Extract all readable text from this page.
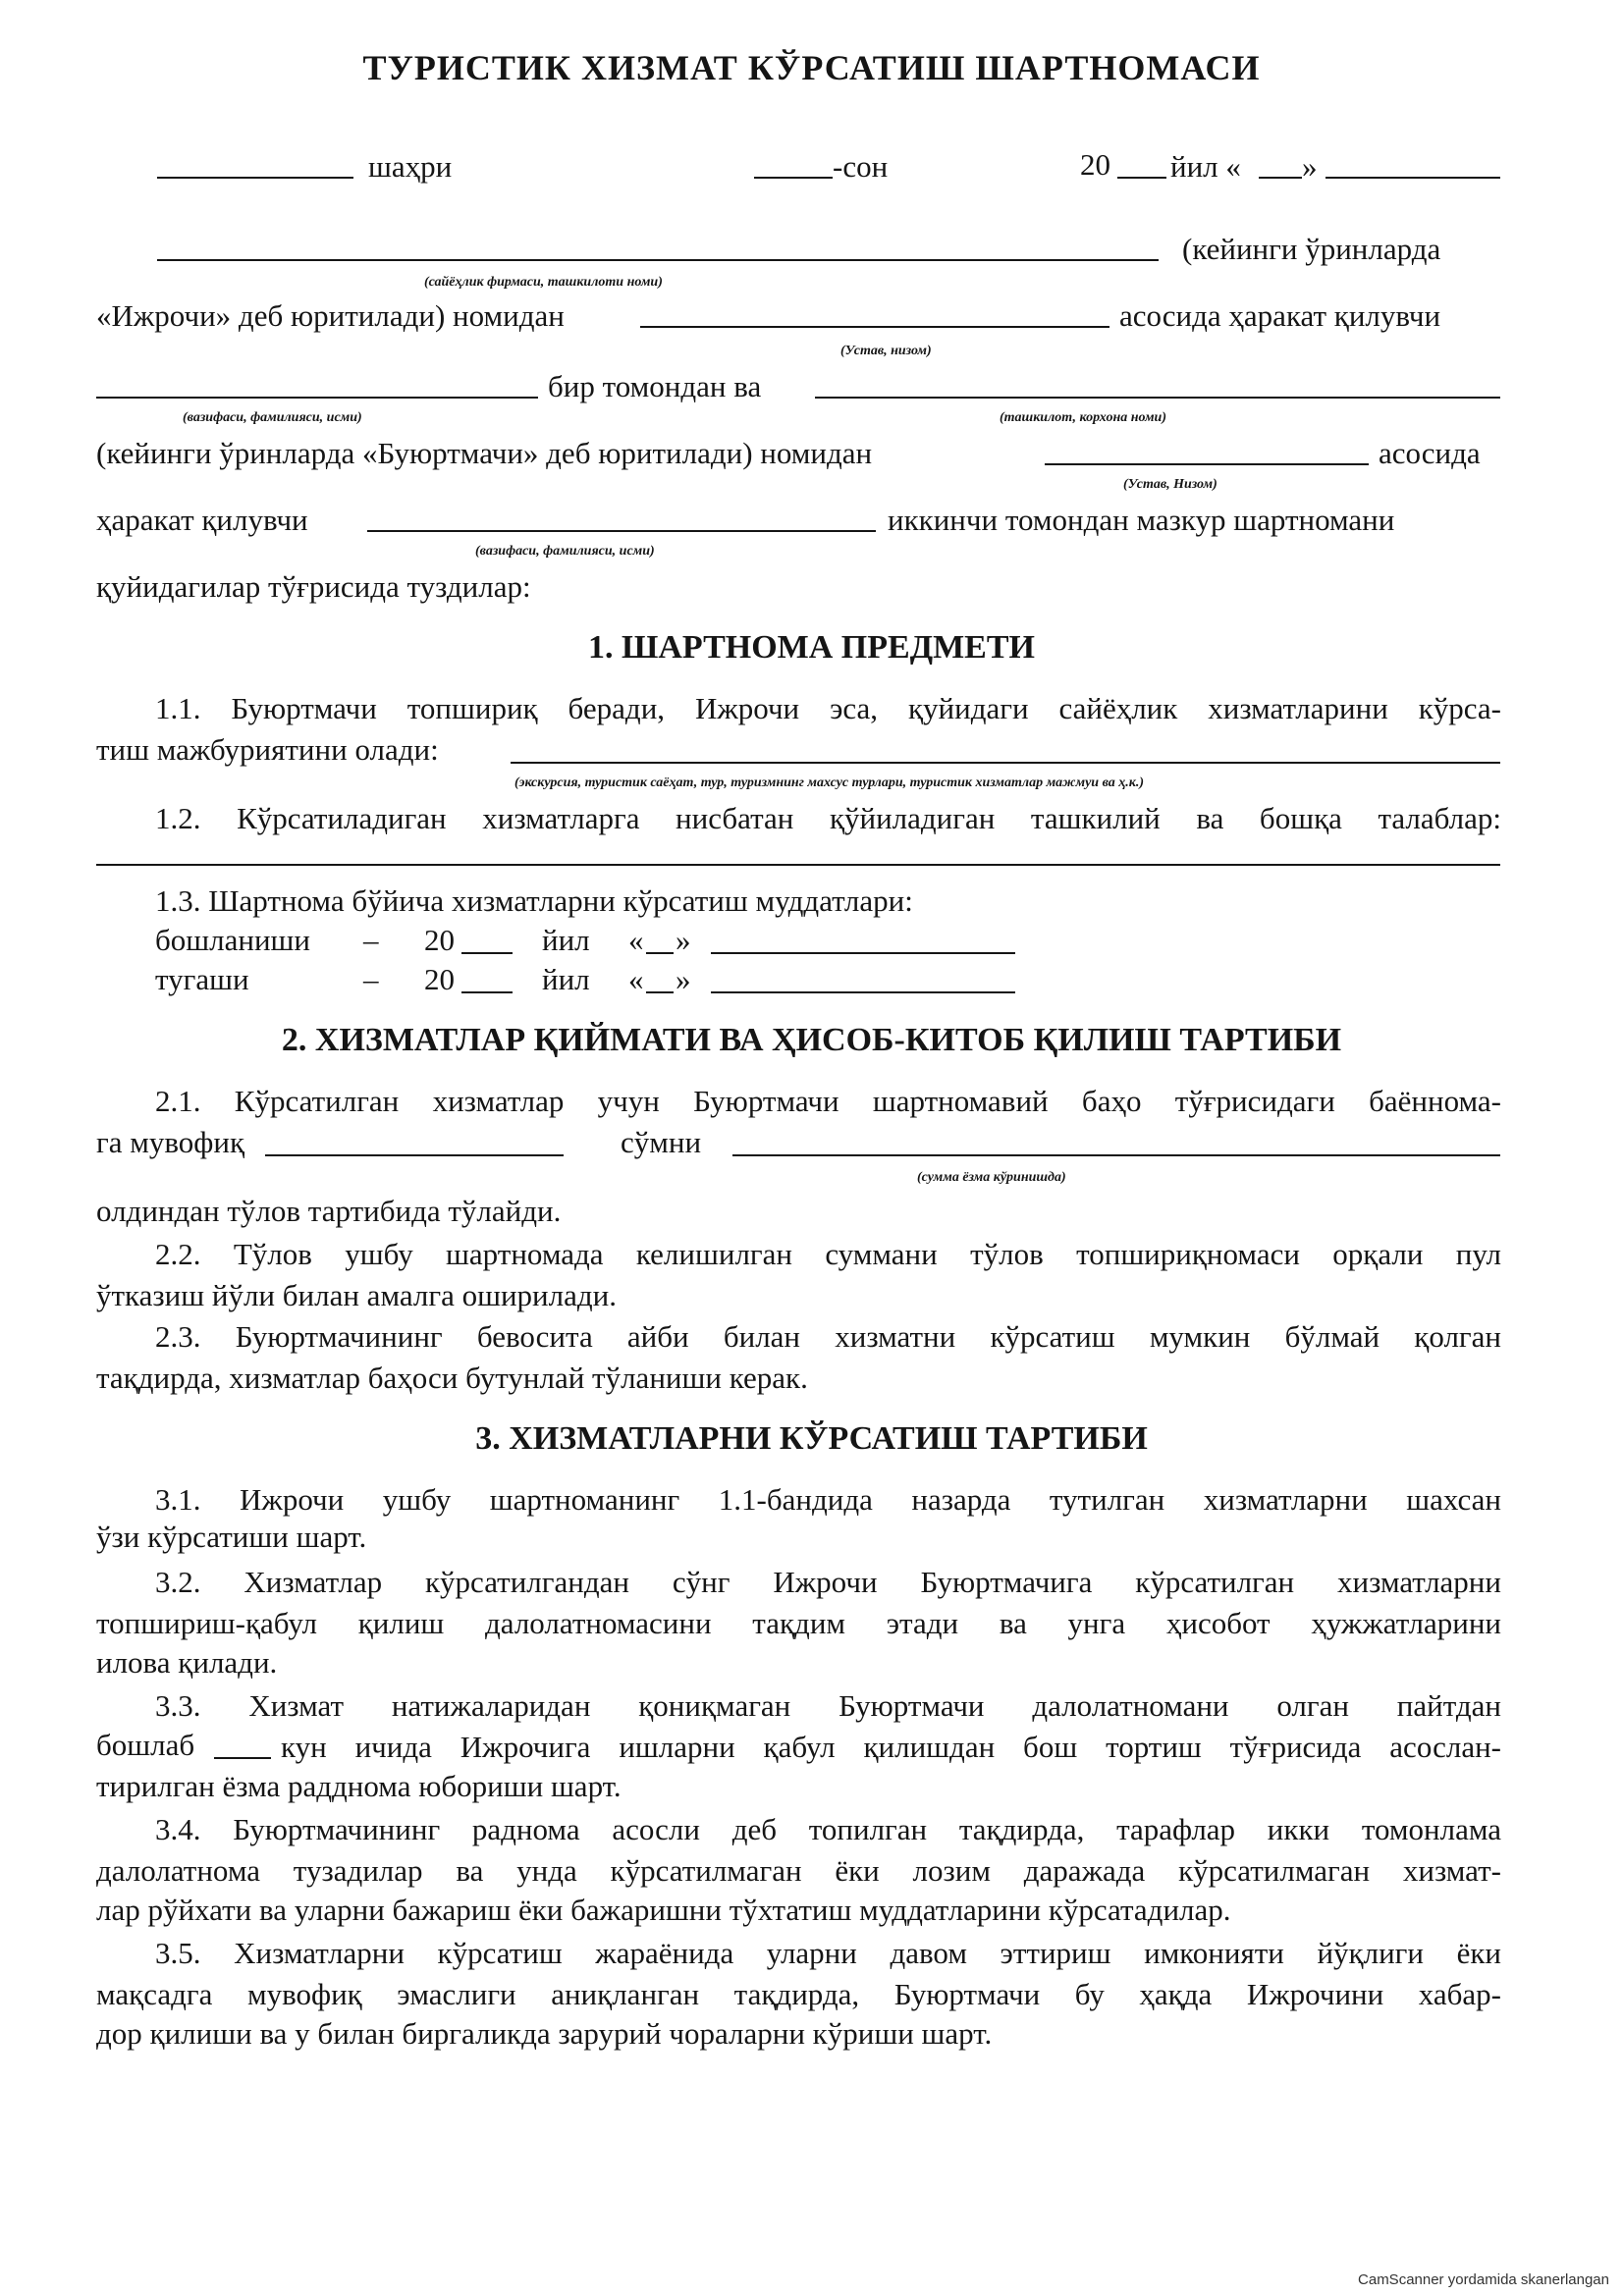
ТУРИСТИК ХИЗМАТ КЎРСАТИШ ШАРТНОМАСИ
шаҳри	-сон	20 йил « »
(кейинги ўринларда
(сайёҳлик фирмаси, ташкилоти номи)
«Ижрочи» деб юритилади) номидан	асосида ҳаракат қилувчи
(Устав, низом)
бир томондан ва
(вазифаси, фамилияси, исми)	(ташкилот, корхона номи)
(кейинги ўринларда «Буюртмачи» деб юритилади) номидан	асосида
(Устав, Низом)
ҳаракат қилувчи	иккинчи томондан мазкур шартномани
(вазифаси, фамилияси, исми)
қуйидагилар тўғрисида туздилар:
1. ШАРТНОМА ПРЕДМЕТИ
1.1. Буюртмачи топшириқ беради, Ижрочи эса, қуйидаги сайёҳлик хизматларини кўрса-
тиш мажбуриятини олади:
(экскурсия, туристик саёҳат, тур, туризмнинг махсус турлари, туристик хизматлар мажмуи ва ҳ.к.)
1.2. Кўрсатиладиган хизматларга нисбатан қўйиладиган ташкилий ва бошқа талаблар:
1.3. Шартнома бўйича хизматларни кўрсатиш муддатлари:
бошланиши – 20	йил « »
тугаши	– 20	йил « »
2. ХИЗМАТЛАР ҚИЙМАТИ ВА ҲИСОБ-КИТОБ ҚИЛИШ ТАРТИБИ
2.1. Кўрсатилган хизматлар учун Буюртмачи шартномавий баҳо тўғрисидаги баённома-
га мувофиқ	сўмни
(сумма ёзма кўринишда)
олдиндан тўлов тартибида тўлайди.
2.2. Тўлов ушбу шартномада келишилган суммани тўлов топшириқномаси орқали пул
ўтказиш йўли билан амалга оширилади.
2.3. Буюртмачининг бевосита айби билан хизматни кўрсатиш мумкин бўлмай қолган
тақдирда, хизматлар баҳоси бутунлай тўланиши керак.
3. ХИЗМАТЛАРНИ КЎРСАТИШ ТАРТИБИ
3.1. Ижрочи ушбу шартноманинг 1.1-бандида назарда тутилган хизматларни шахсан
ўзи кўрсатиши шарт.
3.2. Хизматлар кўрсатилгандан сўнг Ижрочи Буюртмачига кўрсатилган хизматларни
топшириш-қабул қилиш далолатномасини тақдим этади ва унга ҳисобот ҳужжатларини
илова қилади.
3.3. Хизмат натижаларидан қониқмаган Буюртмачи далолатномани олган пайтдан
бошлаб	кун ичида Ижрочига ишларни қабул қилишдан бош тортиш тўғрисида асослан-
тирилган ёзма радднома юбориши шарт.
3.4. Буюртмачининг раднома асосли деб топилган тақдирда, тарафлар икки томонлама
далолатнома тузадилар ва унда кўрсатилмаган ёки лозим даражада кўрсатилмаган хизмат-
лар рўйхати ва уларни бажариш ёки бажаришни тўхтатиш муддатларини кўрсатадилар.
3.5. Хизматларни кўрсатиш жараёнида уларни давом эттириш имконияти йўқлиги ёки
мақсадга мувофиқ эмаслиги аниқланган тақдирда, Буюртмачи бу ҳақда Ижрочини хабар-
дор қилиши ва у билан биргаликда зарурий чораларни кўриши шарт.
CamScanner yordamida skanerlangan
